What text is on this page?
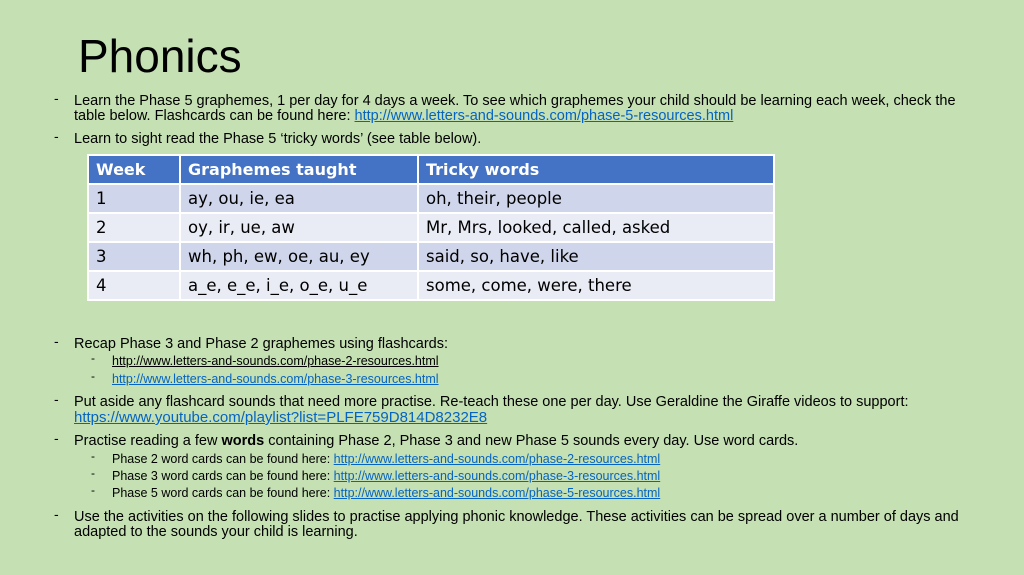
Phonics
- Learn the Phase 5 graphemes, 1 per day for 4 days a week. To see which graphemes your child should be learning each week, check the table below. Flashcards can be found here: http://www.letters-and-sounds.com/phase-5-resources.html
- Learn to sight read the Phase 5 ‘tricky words’ (see table below).
Week	Graphemes taught	Tricky words
1	ay, ou, ie, ea	oh, their, people
2	oy, ir, ue, aw	Mr, Mrs, looked, called, asked
3	wh, ph, ew, oe, au, ey	said, so, have, like
4	a_e, e_e, i_e, o_e, u_e	some, come, were, there
- Recap Phase 3 and Phase 2 graphemes using flashcards:
- http://www.letters-and-sounds.com/phase-2-resources.html
- http://www.letters-and-sounds.com/phase-3-resources.html
- Put aside any flashcard sounds that need more practise. Re-teach these one per day. Use Geraldine the Giraffe videos to support: https://www.youtube.com/playlist?list=PLFE759D814D8232E8
- Practise reading a few words containing Phase 2, Phase 3 and new Phase 5 sounds every day. Use word cards.
- Phase 2 word cards can be found here: http://www.letters-and-sounds.com/phase-2-resources.html
- Phase 3 word cards can be found here: http://www.letters-and-sounds.com/phase-3-resources.html
- Phase 5 word cards can be found here: http://www.letters-and-sounds.com/phase-5-resources.html
- Use the activities on the following slides to practise applying phonic knowledge. These activities can be spread over a number of days and adapted to the sounds your child is learning.
